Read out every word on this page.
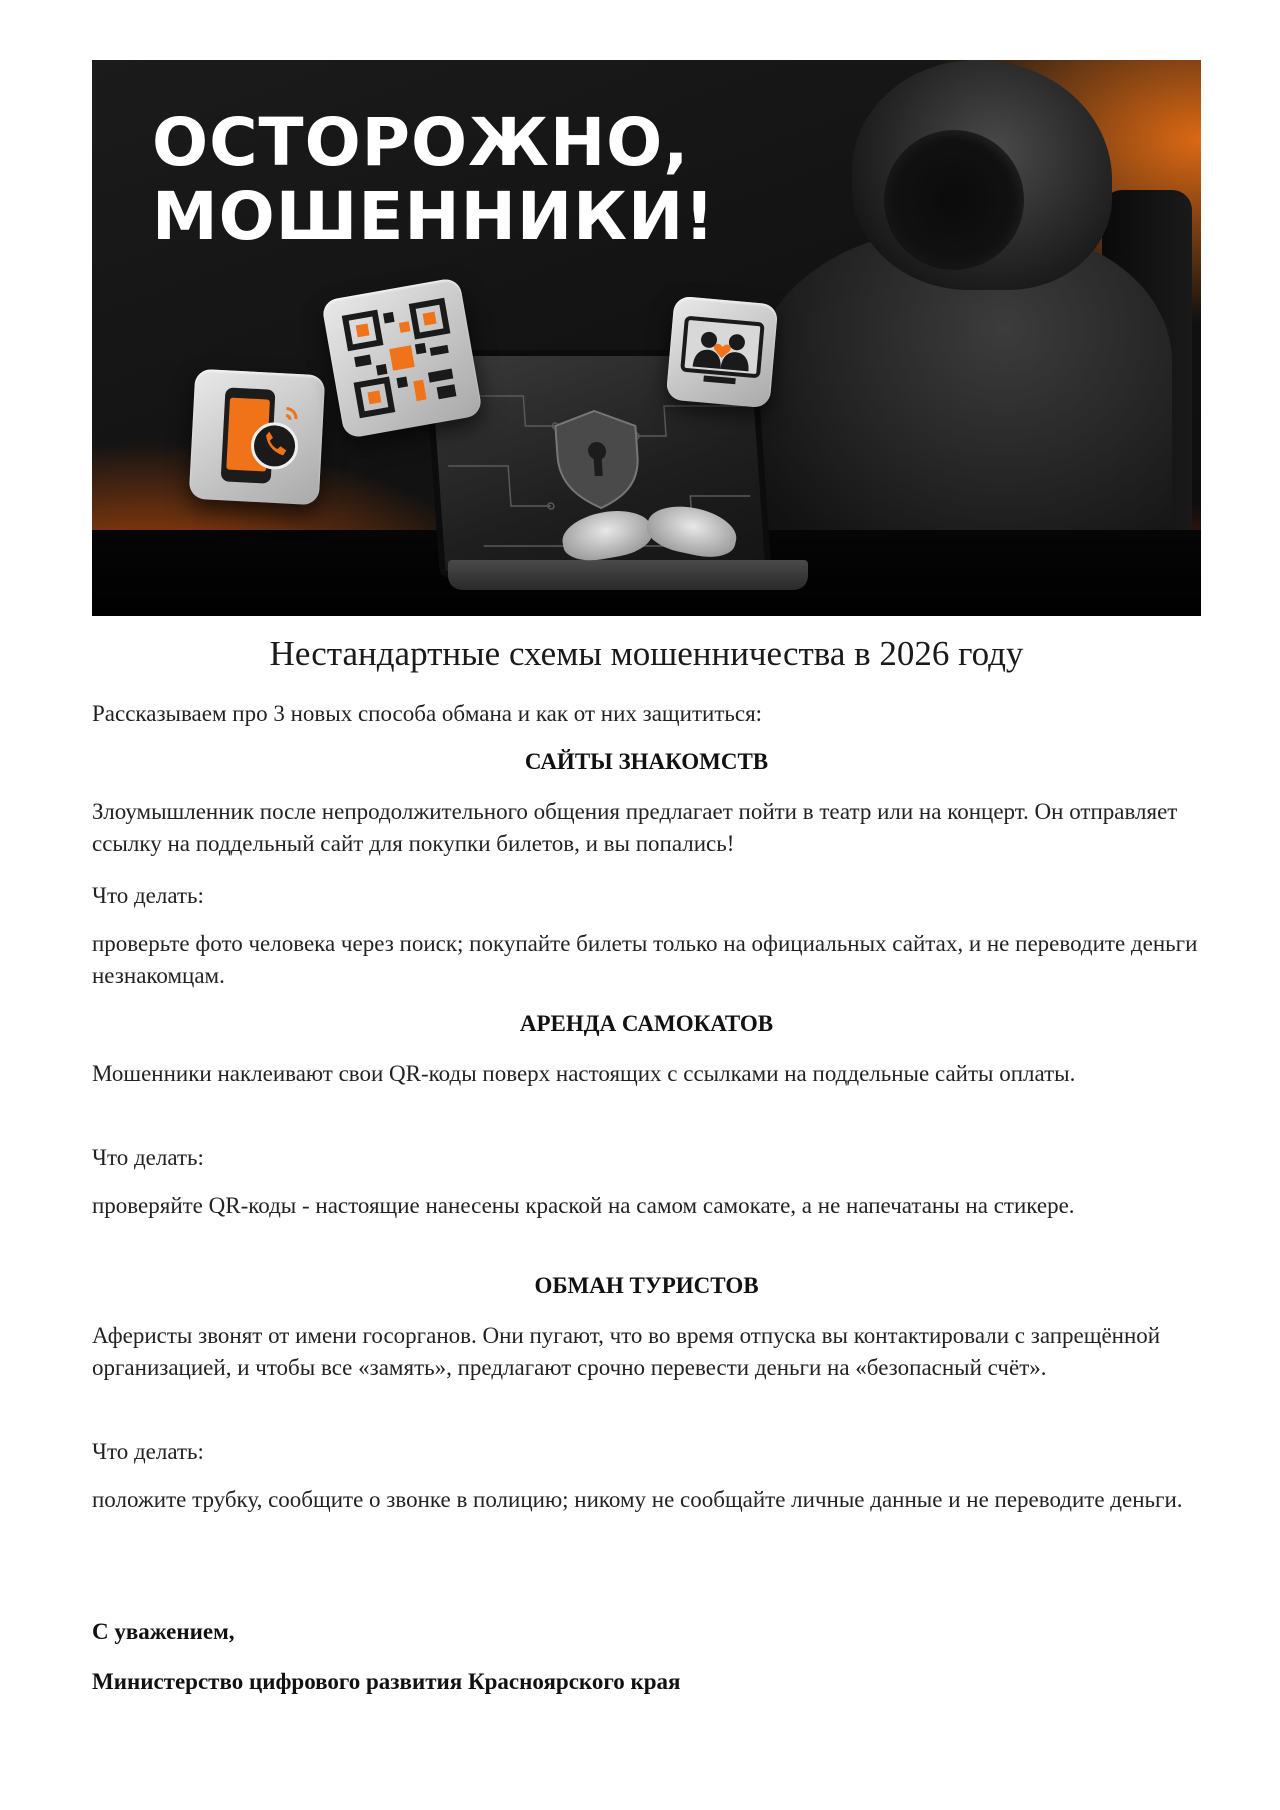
ОСТОРОЖНО,
МОШЕННИКИ!
Нестандартные схемы мошенничества в 2026 году
Рассказываем про 3 новых способа обмана и как от них защититься:
САЙТЫ ЗНАКОМСТВ
Злоумышленник после непродолжительного общения предлагает пойти в театр или на концерт. Он отправляет ссылку на поддельный сайт для покупки билетов, и вы попались!
Что делать:
проверьте фото человека через поиск; покупайте билеты только на официальных сайтах, и не переводите деньги незнакомцам.
АРЕНДА САМОКАТОВ
Мошенники наклеивают свои QR-коды поверх настоящих с ссылками на поддельные сайты оплаты.
Что делать:
проверяйте QR-коды - настоящие нанесены краской на самом самокате, а не напечатаны на стикере.
ОБМАН ТУРИСТОВ
Аферисты звонят от имени госорганов. Они пугают, что во время отпуска вы контактировали с запрещённой организацией, и чтобы все «замять», предлагают срочно перевести деньги на «безопасный счёт».
Что делать:
положите трубку, сообщите о звонке в полицию; никому не сообщайте личные данные и не переводите деньги.
С уважением,
Министерство цифрового развития Красноярского края
